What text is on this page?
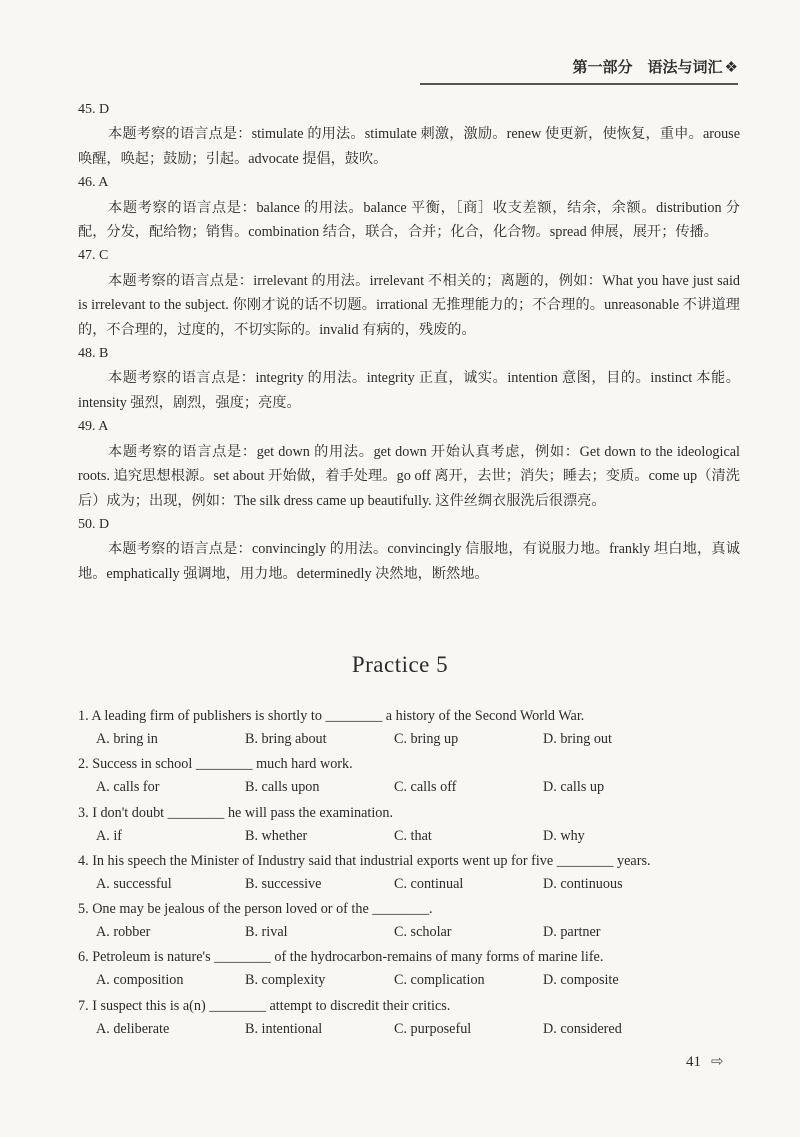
第一部分　语法与词汇 ❖
45. D
本题考察的语言点是：stimulate 的用法。stimulate 刺激，激励。renew 使更新，使恢复，重申。arouse 唤醒，唤起；鼓励；引起。advocate 提倡，鼓吹。
46. A
本题考察的语言点是：balance 的用法。balance 平衡，［商］收支差额，结余，余额。distribution 分配，分发，配给物；销售。combination 结合，联合，合并；化合，化合物。spread 伸展，展开；传播。
47. C
本题考察的语言点是：irrelevant 的用法。irrelevant 不相关的；离题的，例如：What you have just said is irrelevant to the subject. 你刚才说的话不切题。irrational 无推理能力的；不合理的。unreasonable 不讲道理的，不合理的，过度的，不切实际的。invalid 有病的，残废的。
48. B
本题考察的语言点是：integrity 的用法。integrity 正直，诚实。intention 意图，目的。instinct 本能。intensity 强烈，剧烈，强度；亮度。
49. A
本题考察的语言点是：get down 的用法。get down 开始认真考虑，例如：Get down to the ideological roots. 追究思想根源。set about 开始做，着手处理。go off 离开，去世；消失；睡去；变质。come up（清洗后）成为；出现，例如：The silk dress came up beautifully. 这件丝绸衣服洗后很漂亮。
50. D
本题考察的语言点是：convincingly 的用法。convincingly 信服地，有说服力地。frankly 坦白地，真诚地。emphatically 强调地，用力地。determinedly 决然地，断然地。
Practice 5
1. A leading firm of publishers is shortly to ________ a history of the Second World War.
A. bring in	B. bring about	C. bring up	D. bring out
2. Success in school ________ much hard work.
A. calls for	B. calls upon	C. calls off	D. calls up
3. I don't doubt ________ he will pass the examination.
A. if	B. whether	C. that	D. why
4. In his speech the Minister of Industry said that industrial exports went up for five ________ years.
A. successful	B. successive	C. continual	D. continuous
5. One may be jealous of the person loved or of the ________.
A. robber	B. rival	C. scholar	D. partner
6. Petroleum is nature's ________ of the hydrocarbon-remains of many forms of marine life.
A. composition	B. complexity	C. complication	D. composite
7. I suspect this is a(n) ________ attempt to discredit their critics.
A. deliberate	B. intentional	C. purposeful	D. considered
41 ⇨
